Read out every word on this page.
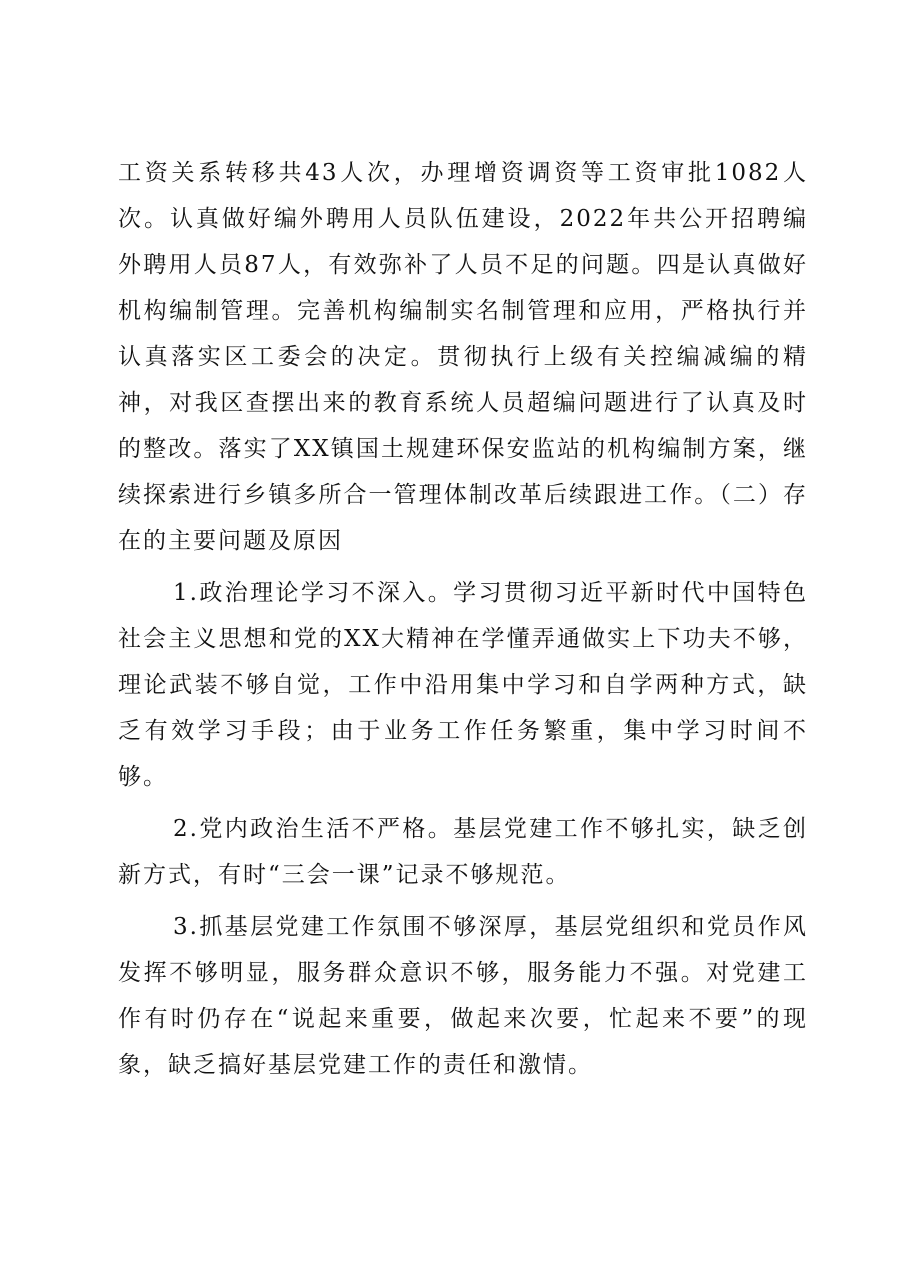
工资关系转移共43人次，办理增资调资等工资审批1082人次。认真做好编外聘用人员队伍建设，2022年共公开招聘编外聘用人员87人，有效弥补了人员不足的问题。四是认真做好机构编制管理。完善机构编制实名制管理和应用，严格执行并认真落实区工委会的决定。贯彻执行上级有关控编减编的精神，对我区查摆出来的教育系统人员超编问题进行了认真及时的整改。落实了XX镇国土规建环保安监站的机构编制方案，继续探索进行乡镇多所合一管理体制改革后续跟进工作。（二）存在的主要问题及原因

1.政治理论学习不深入。学习贯彻习近平新时代中国特色社会主义思想和党的XX大精神在学懂弄通做实上下功夫不够，理论武装不够自觉，工作中沿用集中学习和自学两种方式，缺乏有效学习手段；由于业务工作任务繁重，集中学习时间不够。

2.党内政治生活不严格。基层党建工作不够扎实，缺乏创新方式，有时“三会一课”记录不够规范。

3.抓基层党建工作氛围不够深厚，基层党组织和党员作风发挥不够明显，服务群众意识不够，服务能力不强。对党建工作有时仍存在“说起来重要，做起来次要，忙起来不要”的现象，缺乏搞好基层党建工作的责任和激情。
